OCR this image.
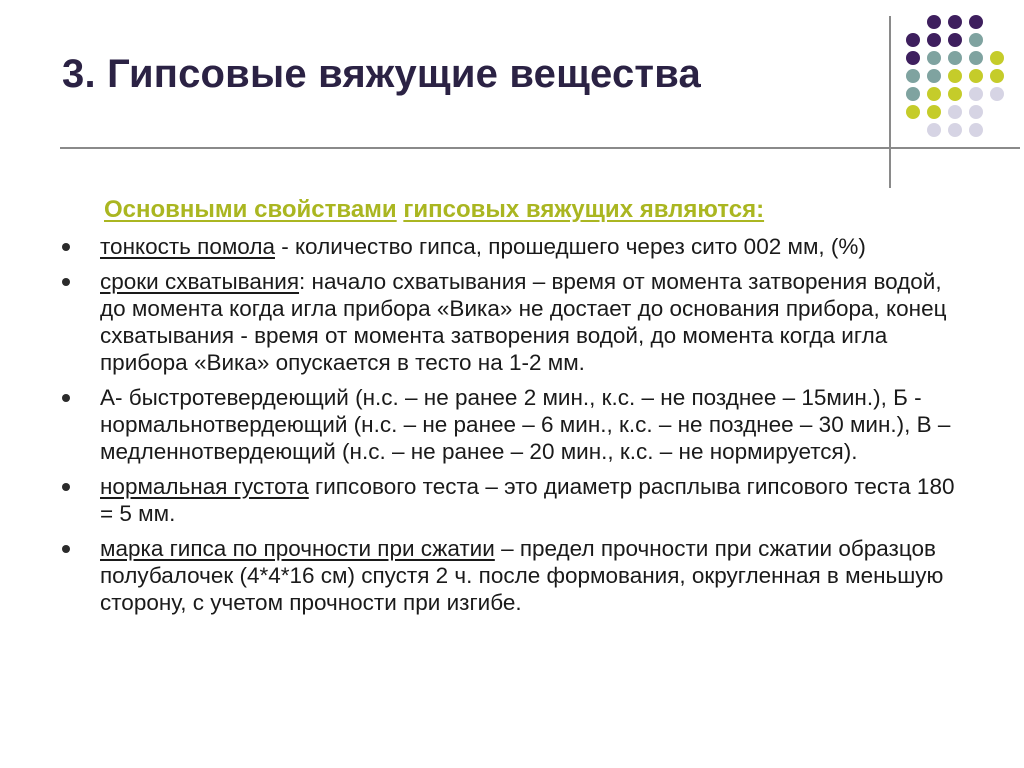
3. Гипсовые вяжущие вещества
Основными свойствами гипсовых вяжущих являются:
тонкость помола - количество гипса, прошедшего через сито 002 мм, (%)
сроки схватывания: начало схватывания – время от момента затворения водой, до момента когда игла прибора «Вика» не достает до основания прибора, конец схватывания - время от момента затворения водой, до момента когда игла прибора «Вика» опускается в тесто на 1-2 мм.
А- быстротевердеющий (н.с. – не ранее 2 мин., к.с. – не позднее – 15мин.), Б - нормальнотвердеющий (н.с. – не ранее – 6 мин., к.с. – не позднее – 30 мин.), В – медленнотвердеющий (н.с. – не ранее – 20 мин., к.с. – не нормируется).
нормальная густота гипсового теста – это диаметр расплыва гипсового теста 180 = 5 мм.
марка гипса по прочности при сжатии – предел прочности при сжатии образцов полубалочек (4*4*16 см) спустя 2 ч. после формования, округленная в меньшую сторону, с учетом прочности при изгибе.
